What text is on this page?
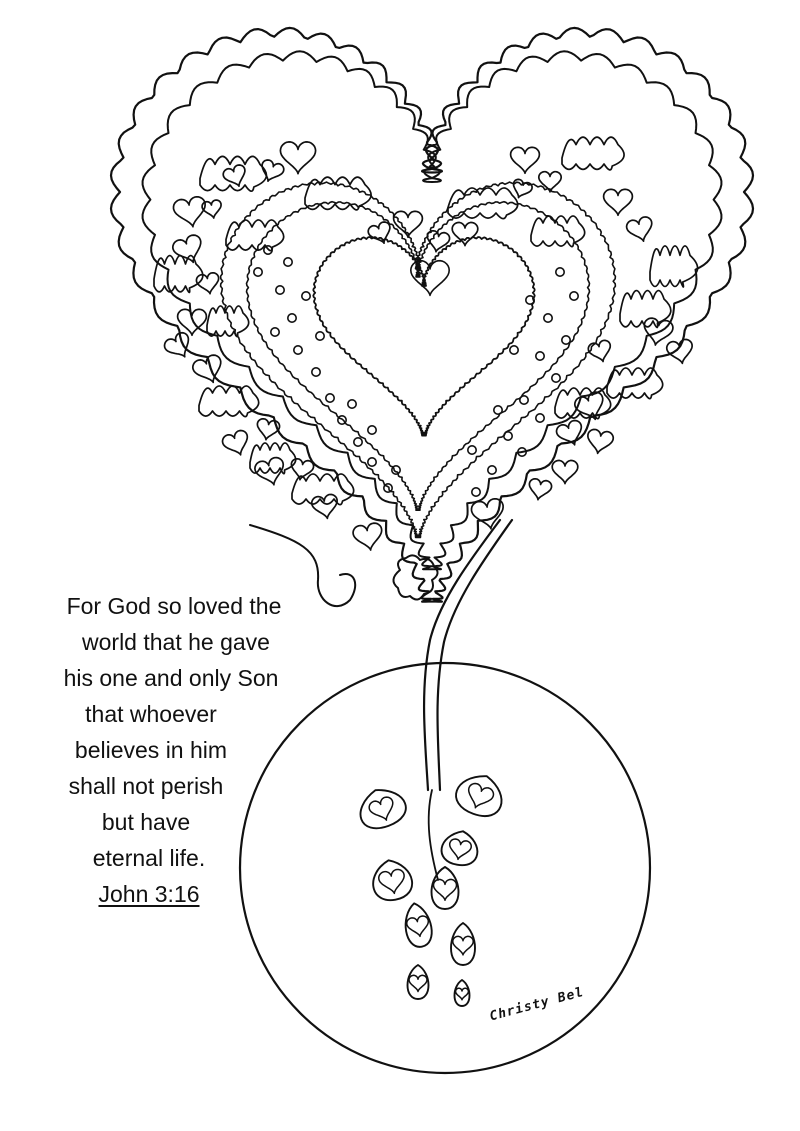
For God so loved the
world that he gave
his one and only Son
that whoever
believes in him
shall not perish
but have
eternal life.
John 3:16
Christy Bel
